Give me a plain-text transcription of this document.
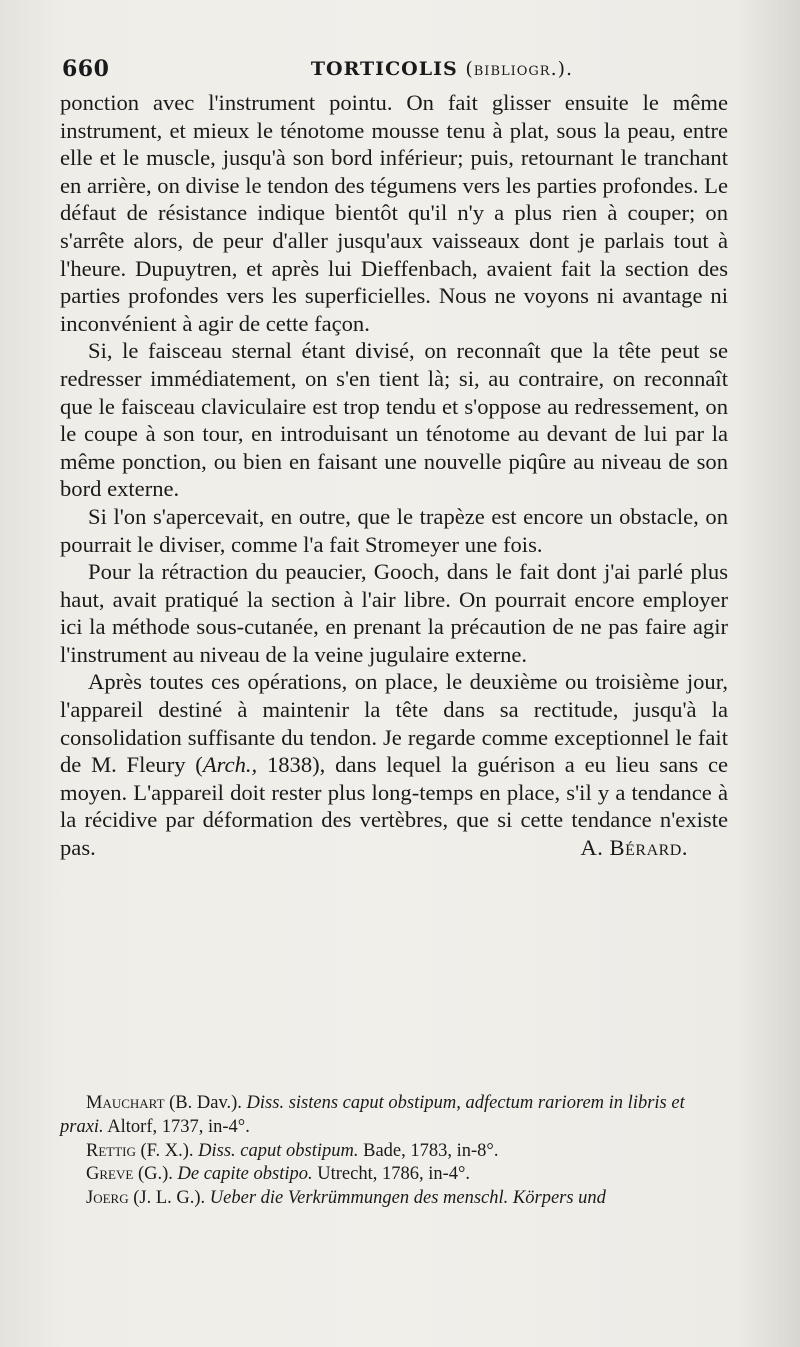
660	TORTICOLIS (bibliogr.).

ponction avec l'instrument pointu. On fait glisser ensuite le même instrument, et mieux le ténotome mousse tenu à plat, sous la peau, entre elle et le muscle, jusqu'à son bord inférieur; puis, retournant le tranchant en arrière, on divise le tendon des tégumens vers les parties profondes. Le défaut de résistance indique bientôt qu'il n'y a plus rien à couper; on s'arrête alors, de peur d'aller jusqu'aux vaisseaux dont je parlais tout à l'heure. Dupuytren, et après lui Dieffenbach, avaient fait la section des parties profondes vers les superficielles. Nous ne voyons ni avantage ni inconvénient à agir de cette façon.

Si, le faisceau sternal étant divisé, on reconnaît que la tête peut se redresser immédiatement, on s'en tient là; si, au contraire, on reconnaît que le faisceau claviculaire est trop tendu et s'oppose au redressement, on le coupe à son tour, en introduisant un ténotome au devant de lui par la même ponction, ou bien en faisant une nouvelle piqûre au niveau de son bord externe.

Si l'on s'apercevait, en outre, que le trapèze est encore un obstacle, on pourrait le diviser, comme l'a fait Stromeyer une fois.

Pour la rétraction du peaucier, Gooch, dans le fait dont j'ai parlé plus haut, avait pratiqué la section à l'air libre. On pourrait encore employer ici la méthode sous-cutanée, en prenant la précaution de ne pas faire agir l'instrument au niveau de la veine jugulaire externe.

Après toutes ces opérations, on place, le deuxième ou troisième jour, l'appareil destiné à maintenir la tête dans sa rectitude, jusqu'à la consolidation suffisante du tendon. Je regarde comme exceptionnel le fait de M. Fleury (Arch., 1838), dans lequel la guérison a eu lieu sans ce moyen. L'appareil doit rester plus long-temps en place, s'il y a tendance à la récidive par déformation des vertèbres, que si cette tendance n'existe pas.	A. Bérard.

Mauchart (B. Dav.). Diss. sistens caput obstipum, adfectum rariorem in libris et praxi. Altorf, 1737, in-4°.

Rettig (F. X.). Diss. caput obstipum. Bade, 1783, in-8°.

Greve (G.). De capite obstipo. Utrecht, 1786, in-4°.

Joerg (J. L. G.). Ueber die Verkrümmungen des menschl. Körpers und
